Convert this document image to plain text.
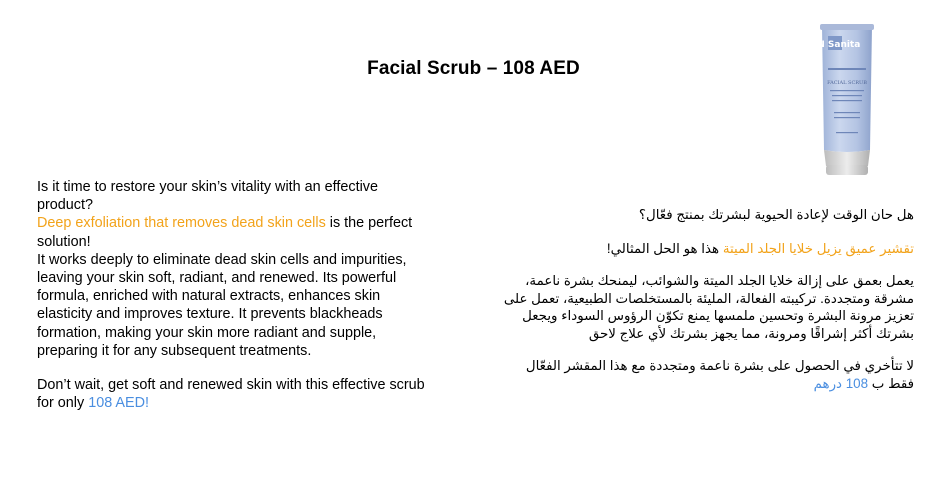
Facial Scrub – 108 AED
NN Sanita
FACIAL SCRUB

Is it time to restore your skin’s vitality with an effective product?
Deep exfoliation that removes dead skin cells is the perfect solution!
It works deeply to eliminate dead skin cells and impurities, leaving your skin soft, radiant, and renewed. Its powerful formula, enriched with natural extracts, enhances skin elasticity and improves texture. It prevents blackheads formation, making your skin more radiant and supple, preparing it for any subsequent treatments.

Don’t wait, get soft and renewed skin with this effective scrub for only 108 AED!

هل حان الوقت لإعادة الحيوية لبشرتك بمنتج فعّال؟

تقشير عميق يزيل خلايا الجلد الميتة هذا هو الحل المثالي!

يعمل بعمق على إزالة خلايا الجلد الميتة والشوائب، ليمنحك بشرة ناعمة،
مشرقة ومتجددة. تركيبته الفعالة، المليئة بالمستخلصات الطبيعية، تعمل على
تعزيز مرونة البشرة وتحسين ملمسها يمنع تكوّن الرؤوس السوداء ويجعل
بشرتك أكثر إشراقًا ومرونة، مما يجهز بشرتك لأي علاج لاحق

لا تتأخري في الحصول على بشرة ناعمة ومتجددة مع هذا المقشر الفعّال
فقط ب 108 درهم
